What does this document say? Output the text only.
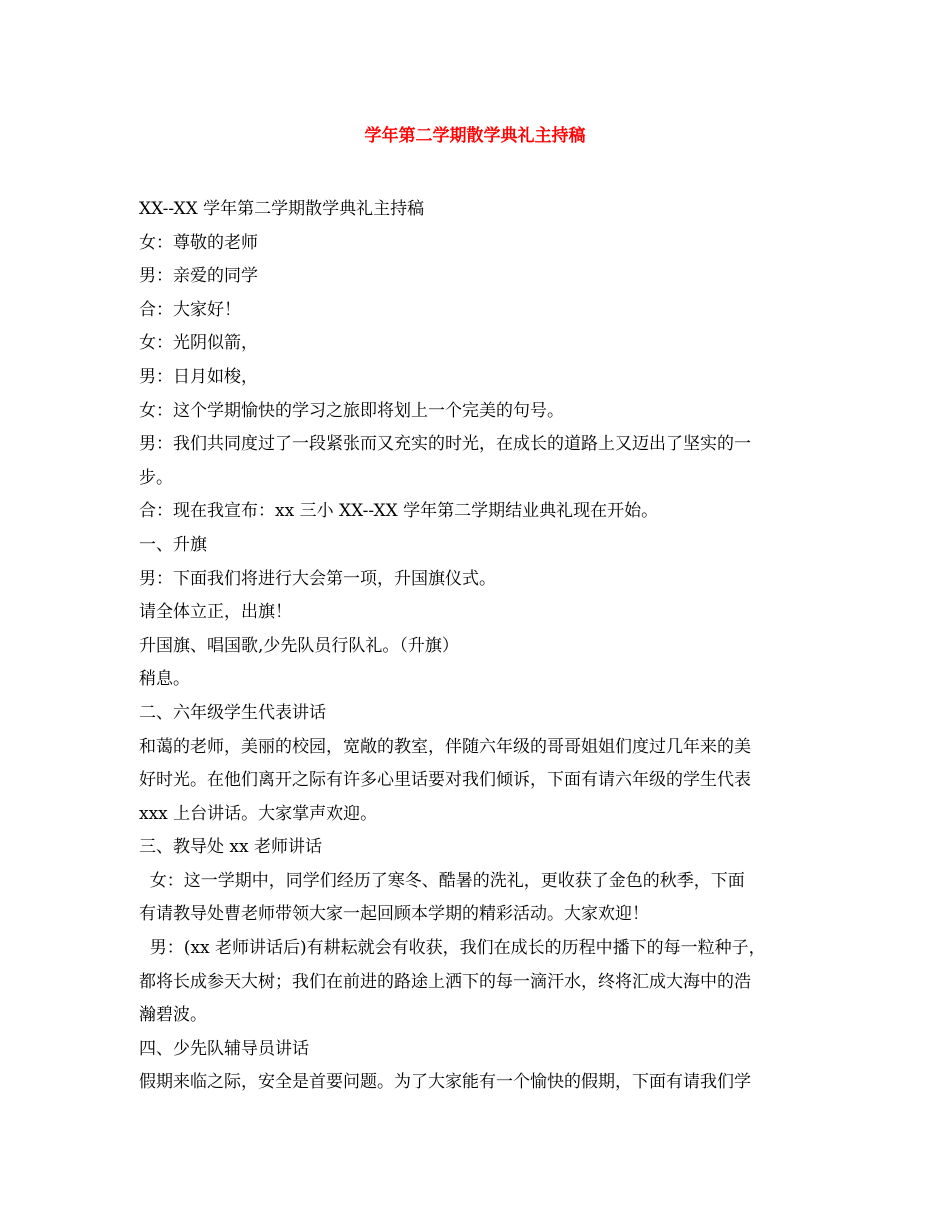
学年第二学期散学典礼主持稿
XX--XX 学年第二学期散学典礼主持稿
女：尊敬的老师
男：亲爱的同学
合：大家好！
女：光阴似箭，
男：日月如梭，
女：这个学期愉快的学习之旅即将划上一个完美的句号。
男：我们共同度过了一段紧张而又充实的时光，在成长的道路上又迈出了坚实的一
步。
合：现在我宣布：xx 三小 XX--XX 学年第二学期结业典礼现在开始。
一、升旗
男：下面我们将进行大会第一项，升国旗仪式。
请全体立正，出旗！
升国旗、唱国歌,少先队员行队礼。（升旗）
稍息。
二、六年级学生代表讲话
和蔼的老师，美丽的校园，宽敞的教室，伴随六年级的哥哥姐姐们度过几年来的美
好时光。在他们离开之际有许多心里话要对我们倾诉，下面有请六年级的学生代表
xxx 上台讲话。大家掌声欢迎。
三、教导处 xx 老师讲话
女：这一学期中，同学们经历了寒冬、酷暑的洗礼，更收获了金色的秋季，下面
有请教导处曹老师带领大家一起回顾本学期的精彩活动。大家欢迎！
男：(xx 老师讲话后)有耕耘就会有收获，我们在成长的历程中播下的每一粒种子，
都将长成参天大树；我们在前进的路途上洒下的每一滴汗水，终将汇成大海中的浩
瀚碧波。
四、少先队辅导员讲话
假期来临之际，安全是首要问题。为了大家能有一个愉快的假期，下面有请我们学
